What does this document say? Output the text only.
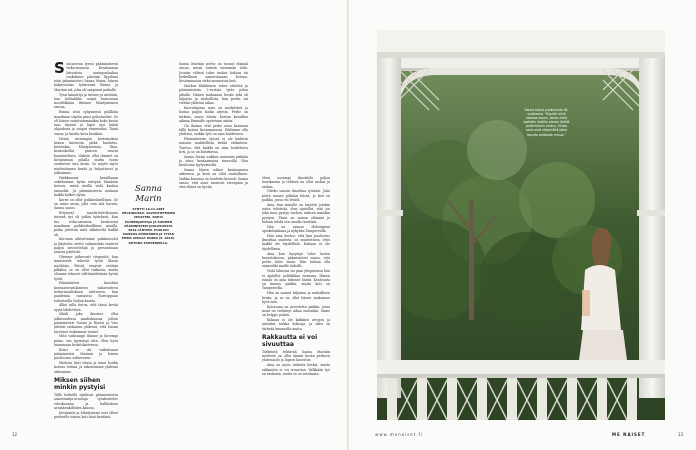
Suutarovan tyrssi pääministerin virka-asunnon Kesärannan laituriista auringonlaskua toukokuun päivänä. Kyydissä istui pääministeri Sanna Marin, hänen kaksivuotias tyttärensä Emma ja Marinin isä, joka oli saapunut paikalle.

Tyssi kiinnittyi ja tutisee ja niistään, hun kohtalikko sarjat kuinsuuan moottikkään lähenee Mäntyniemen rantaa.

Emma istui syliyanissä päällään maailman söpöin pinsi pelastusliivi. Se oli hänen suosituimmanikin koko kesän taas täynnä ja lapsi ajoi hätää ohjauksen ja saapui viimeiseksi. Tämä osaan, ja kuulin kova kesäkuu.

Heinä varmimpia kertomuksia hänen kuiviosta pitkä kuulutus. Kuitenkin, Mäntyniemen, Iltaa, kesäsukellat parisen suurin haastateltava. Vaikein ollut ihmiset on Kesärannan pihalla mutta tuntu suuttuivat niin kovin. Se näytti myös mielestämme kesää ja helpottavat ja jatkoimme.

Hiekkasaari kesäillaaan sukeltamme hyvin niittynä hämärän tietoon, mistä meillä vielä kesken rannoilla. Ja pääministerin mukaan kaikki kulkee hyvin.

Kerrit on ollut poikkeuksellinen. Se on aivan uusia, jolla voin sitä havata, Sanna sanoo.

Ettytaval maalis-huhtikuussa toisenä nyt oli pitkin tytärkesä. Kun tuo virka-asunnon kesäisessä maailman poikkeuksellinen muulla, poika jätettiin mitä näköiseltä kaikki oli.

Koronan aiheuttamat poikkeusolot ja käyttöön otettu valmiuslaki vaativat paljon neuvottelujä ja persuntuaan asiasta päätöstä.

Olemme jatkuvasti väsyneitä, kun ministeriöt tekevät työtä illasta myöhään. Päivät venyvät erittäin pitkiksi, se on ollut raskasta, mutta olemme tehneet välttämättömän hyvää työtä.

Pääministeri havahtui koronavirustilanteen vakavuuteen helmi-maaliskuun taitteessa, kun pandemia rantautui Eurooppaan todenteolla Italian kautta.

Alkoi tulla tietoa, että tässä kevää syytä lähdettävä.

Sikäli joku ilmoitus ollut julkisuudessa maaliskuussa, jolloin pääministeri Suomi ja Ruotsi ja Viro jättivät ratkaisun yhdessä, että Suomi tarvitsee tiukemmat toimet.

Mitä vaikeampi tilanne ja kovempi paine, sen tyynempi olen. Olen hyvä toimimaan kriisitilanteessa.

Kriisi ei ole vaikuttanut pääministeri Marinin ja hänen puolisonsa suhteeseen.

Mieheni kävi töissä ja minä hoidin kotona töitäni, ja rakensimme yhdessä arkeamme.

Miksen siihen minkin pystyisi

Tällä hetkellä sipilässä pääministerin asiantuntija-avustaja työskentelee eduskunnan ja hallituksen avainhenkilöiden kanssa.

Kesäranta ja Mäntyniemi ovat olleet perheelle toinen koti tänä keväänä.

Sanna Marin
SYNTYI 16.11.1985 HELSINGISSÄ. VALTIOTIETEIDEN MAISTERI. SDP:N PUHEENJOHTAJA JA SUOMEN PÄÄMINISTERI JOULUKUUSTA 2019 LÄHTIEN. PUOLISO MARKUS RÄIKKÖNEN JA TYTÄR EMMA AMALIA MARIN (S. 2018). KOTONA TAMPEREELLA.

Sanna Marinin perhe on tuonut elämää aruun, missä entistä enemmän töitä. Jossain välissä tulee raskas kokous tai hetkellinen aamutuimaan kotona. Kesärannassa virka-asunnossa koti.

Markus Räikkönen tekee etätöitä ja pääministerin 2-vuotias tytär pelaa pihalla. Hänen mukaansa kesän arki oli hiljaista ja rauhallista, kun perhe sai viettää yhdessä aikaa.

Kasvattajana mies on merkittävä ja hoitaa paljon kodin arjesta. Perhe on tärkein, sanoo Marin. Kerran kesäillan aikana Emmalle opetetaan uintia.

On ihanaa, että perhe asuu kanssani tällä kertaa Kesärannassa. Ehdimme olla yhdessä, vaikka työt on aina hoidettava.

Pääministerin työssä ei ole kaikista asioista mahdollista tietää etukäteen. Tuntuu, että kaikki on aina hoidettava heti, ja se on kuluttavaa.

Sanna Marin nukkuu aamuisin pitkään ja istuu kesäaamuina terassilla. Hän kuulostaa tyytyväiseltä.

Sanna Marin näkee kesäaamuna arkeensa, ja kesä on ollut rauhallinen. Vaikka koronaa on hoidettu kovasti, Sanna sanoo, että asiat menevät eteenpäin ja että elämä on hyvää.

Meni useampi ilmoittelu paljon tuntikausia ja tehtävä on ollut raskas ja raskas.

Oletko sanoin ilmoittaa työstäsi. Joka päivä menee pitkään töissä, ja koti on paikka, jossa voi levätä.

Aina, kun minulle on tarjottu jotakin uutta tehtävää, olen ajatellut, että jos joku muu pystyy tuohon, miksen minäkin pystyisi. Tämä on minun elämäni ja haluan tehdä sen omalla tavallani.

Hän on asunut Helsingissä opiskeluaikana ja nykyään Tampereella.

Hän aina kertoo, että kun puolustus ilmoittaa uudesta, on muistettava, ettei kaikki ole täydellistä. Kukaan ei ole täydellinen.

Aina kun kysymys tulee lasten kasvatukseen, pääministeri sanoo, että perhe tulee ensin. Hän haluaa olla esimerkki muille äideille.

Vielä lukiossa tai pian yliopistossa hän ei ajatellut politiikkaa uranaan. Hänen isänsä on aina tukenut häntä. Kesäranta on kaunis paikka, mutta koti on Tampereella.

Hän on saanut hiljaisen ja rauhallisen kesän, ja se on ollut hänen mukaansa hyvä asia.

Kotoroma on arvostettu paikka, jossa moni on viettänyt aikaa ennenkin. Sinne on helppo palata.

Kukaan ei ole kaikkien arvojen ja asioiden tarkka kokoaja, ja siksi on tärkeää kuunnella muita.

Rakkautta ei voi sivuuttaa

Tärkeintä tehtävää Sanna Marinin mielestä on ollut tämän kesän perheen yhdessäolo ja lapsen kasvatus.

Aina on myös vaikeita hetkiä, mutta rakkautta ei voi sivuuttaa. Valkkään työ on raskasta, mutta se on arvokasta.

12
Sanna toipui puolivuosia 18-vuotiaana. "Kipuilin siinä asiassa kauan, koska ehkä ajattelin kaikilla olevan äidillä jonkinlainen vastuu. Mutta asiat ovat väsymättä jotka lopulta auttoivat minua."
www.menaiset.fi	ME NAISET	13
